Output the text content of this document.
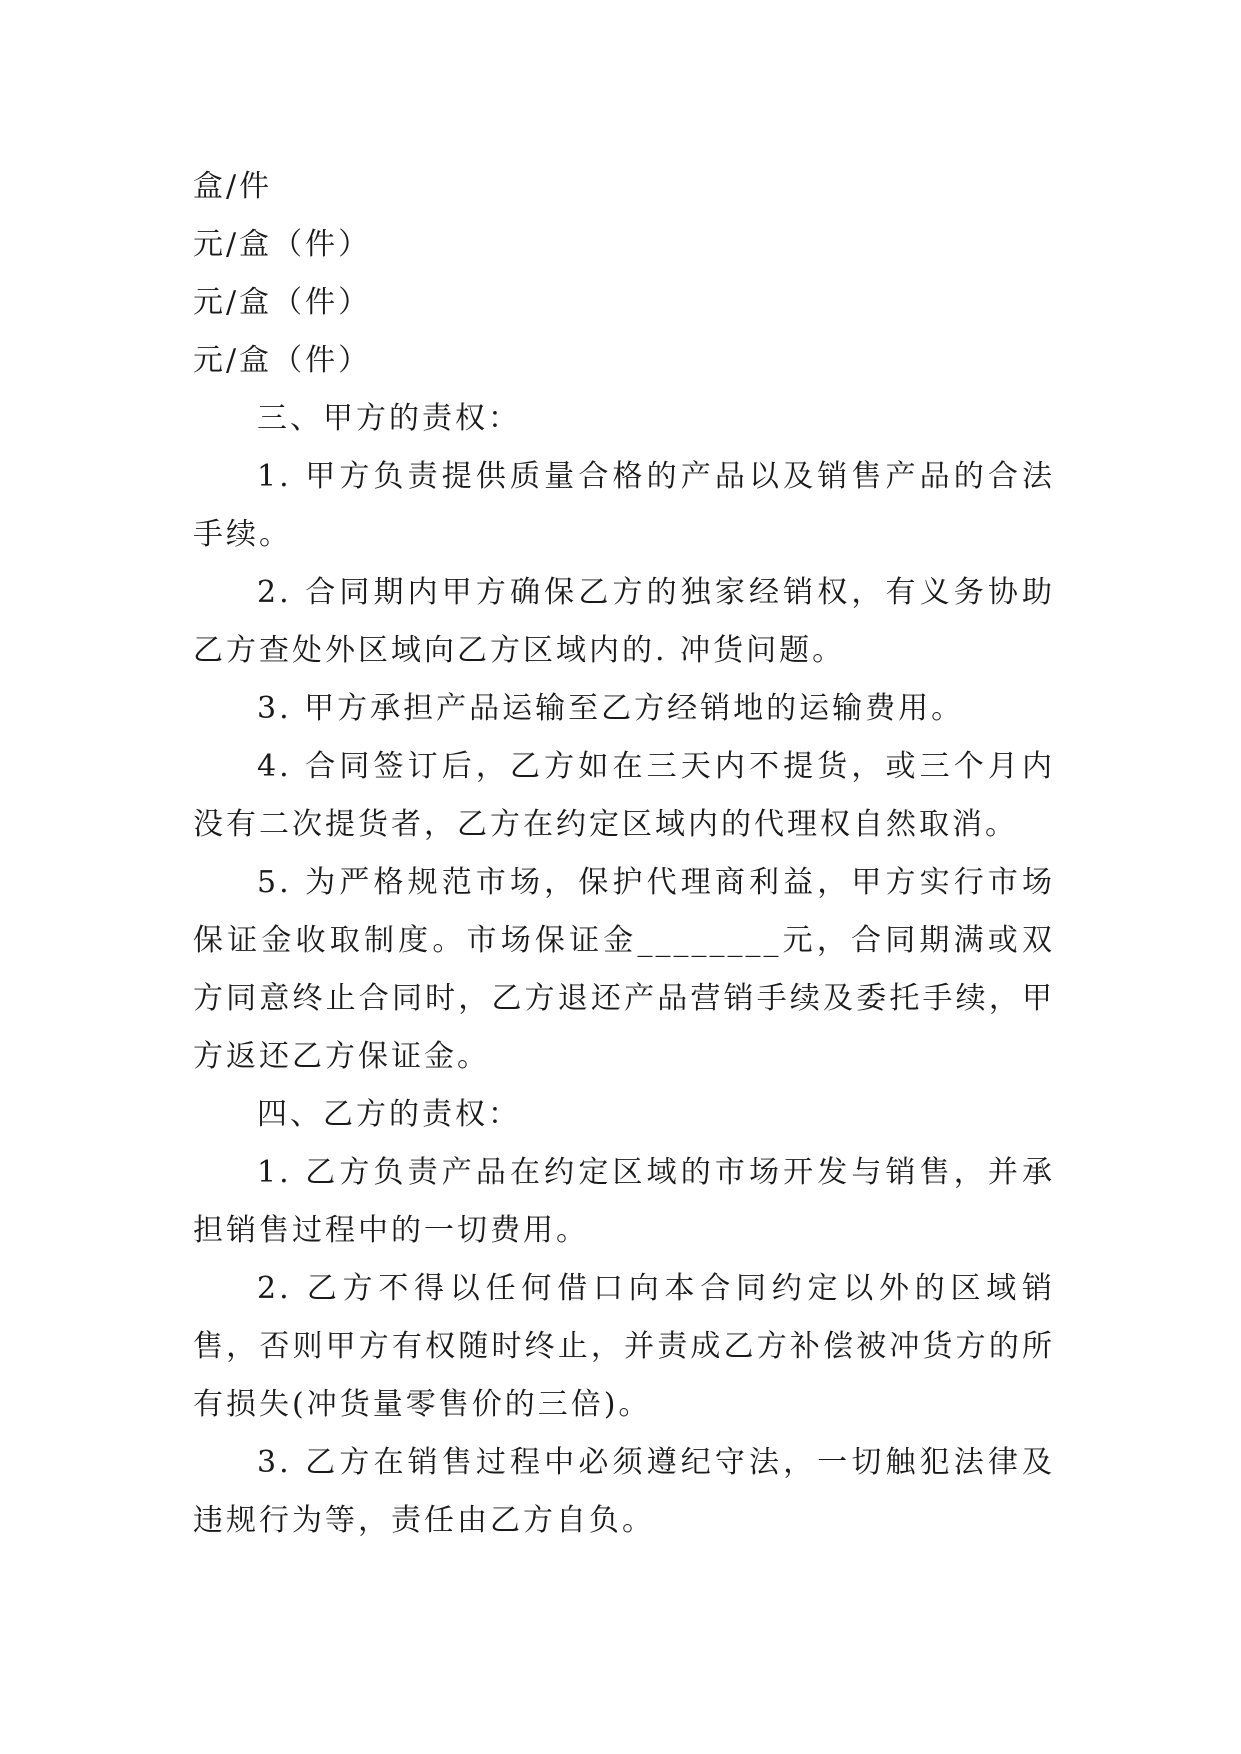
盒/件

元/盒（件）

元/盒（件）

元/盒（件）

三、甲方的责权：

1. 甲方负责提供质量合格的产品以及销售产品的合法手续。

2. 合同期内甲方确保乙方的独家经销权，有义务协助乙方查处外区域向乙方区域内的. 冲货问题。

3. 甲方承担产品运输至乙方经销地的运输费用。

4. 合同签订后，乙方如在三天内不提货，或三个月内没有二次提货者，乙方在约定区域内的代理权自然取消。

5. 为严格规范市场，保护代理商利益，甲方实行市场保证金收取制度。市场保证金________元，合同期满或双方同意终止合同时，乙方退还产品营销手续及委托手续，甲方返还乙方保证金。

四、乙方的责权：

1. 乙方负责产品在约定区域的市场开发与销售，并承担销售过程中的一切费用。

2. 乙方不得以任何借口向本合同约定以外的区域销售，否则甲方有权随时终止，并责成乙方补偿被冲货方的所有损失(冲货量零售价的三倍)。

3. 乙方在销售过程中必须遵纪守法，一切触犯法律及违规行为等，责任由乙方自负。
